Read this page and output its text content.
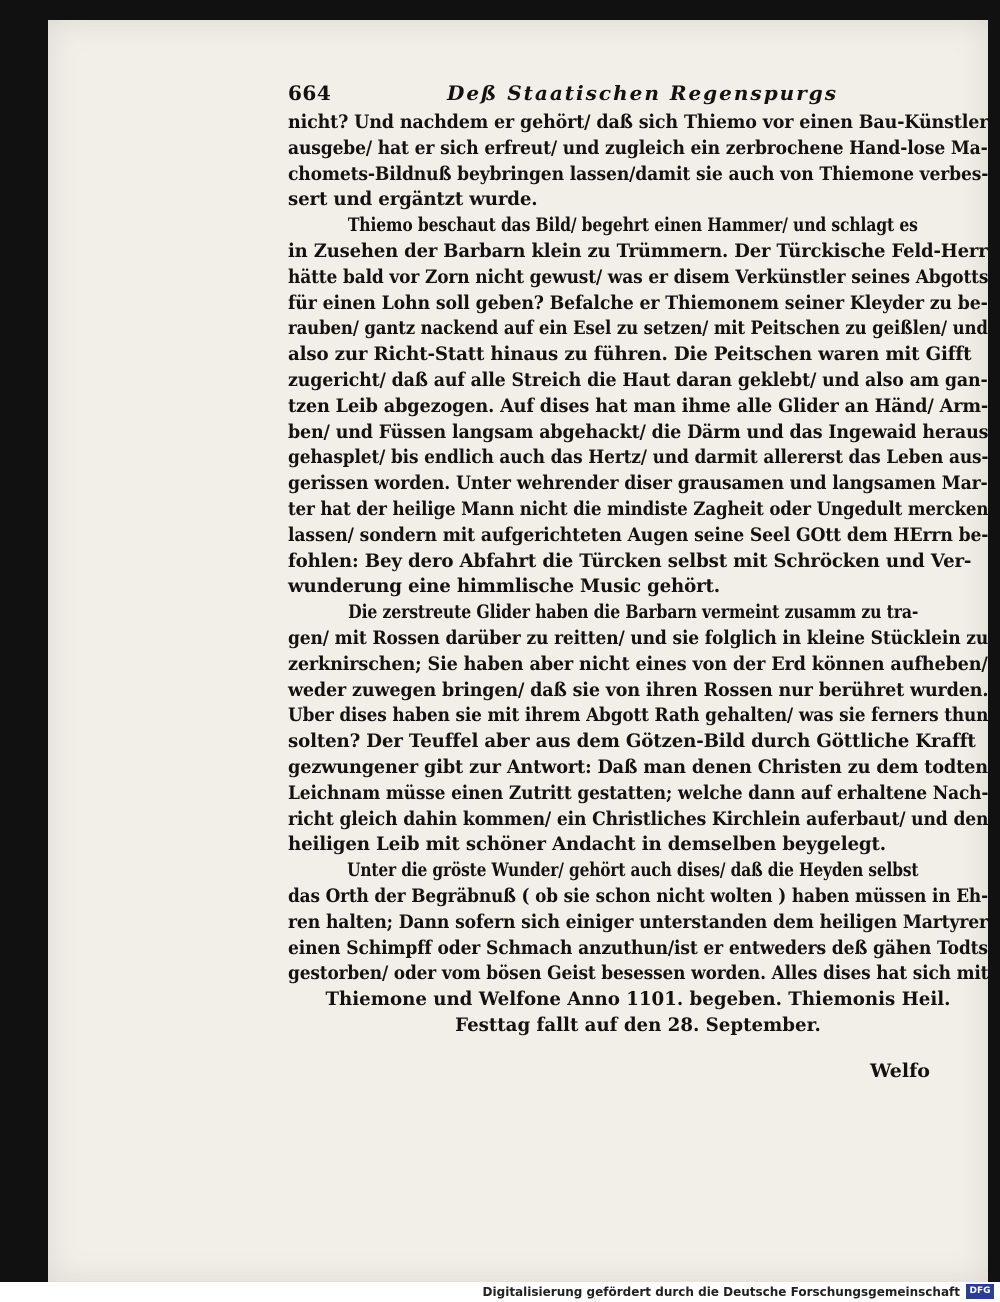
664	Deß Staatischen Regenspurgs
nicht? Und nachdem er gehört/ daß sich Thiemo vor einen Bau-Künstler
ausgebe/ hat er sich erfreut/ und zugleich ein zerbrochene Hand-lose Ma-
chomets-Bildnuß beybringen lassen/damit sie auch von Thiemone verbes-
sert und ergäntzt wurde.
Thiemo beschaut das Bild/ begehrt einen Hammer/ und schlagt es
in Zusehen der Barbarn klein zu Trümmern. Der Türckische Feld-Herr
hätte bald vor Zorn nicht gewust/ was er disem Verkünstler seines Abgotts
für einen Lohn soll geben? Befalche er Thiemonem seiner Kleyder zu be-
rauben/ gantz nackend auf ein Esel zu setzen/ mit Peitschen zu geißlen/ und
also zur Richt-Statt hinaus zu führen. Die Peitschen waren mit Gifft
zugericht/ daß auf alle Streich die Haut daran geklebt/ und also am gan-
tzen Leib abgezogen. Auf dises hat man ihme alle Glider an Händ/ Arm-
ben/ und Füssen langsam abgehackt/ die Därm und das Ingewaid heraus
gehasplet/ bis endlich auch das Hertz/ und darmit allererst das Leben aus-
gerissen worden. Unter wehrender diser grausamen und langsamen Mar-
ter hat der heilige Mann nicht die mindiste Zagheit oder Ungedult mercken
lassen/ sondern mit aufgerichteten Augen seine Seel GOtt dem HErrn be-
fohlen: Bey dero Abfahrt die Türcken selbst mit Schröcken und Ver-
wunderung eine himmlische Music gehört.
Die zerstreute Glider haben die Barbarn vermeint zusamm zu tra-
gen/ mit Rossen darüber zu reitten/ und sie folglich in kleine Stücklein zu
zerknirschen; Sie haben aber nicht eines von der Erd können aufheben/
weder zuwegen bringen/ daß sie von ihren Rossen nur berühret wurden.
Uber dises haben sie mit ihrem Abgott Rath gehalten/ was sie ferners thun
solten? Der Teuffel aber aus dem Götzen-Bild durch Göttliche Krafft
gezwungener gibt zur Antwort: Daß man denen Christen zu dem todten
Leichnam müsse einen Zutritt gestatten; welche dann auf erhaltene Nach-
richt gleich dahin kommen/ ein Christliches Kirchlein auferbaut/ und den
heiligen Leib mit schöner Andacht in demselben beygelegt.
Unter die gröste Wunder/ gehört auch dises/ daß die Heyden selbst
das Orth der Begräbnuß ( ob sie schon nicht wolten ) haben müssen in Eh-
ren halten; Dann sofern sich einiger unterstanden dem heiligen Martyrer
einen Schimpff oder Schmach anzuthun/ist er entweders deß gähen Todts
gestorben/ oder vom bösen Geist besessen worden. Alles dises hat sich mit
Thiemone und Welfone Anno 1101. begeben. Thiemonis Heil.
Festtag fallt auf den 28. September.
Welfo
Digitalisierung gefördert durch die Deutsche Forschungsgemeinschaft	DFG
